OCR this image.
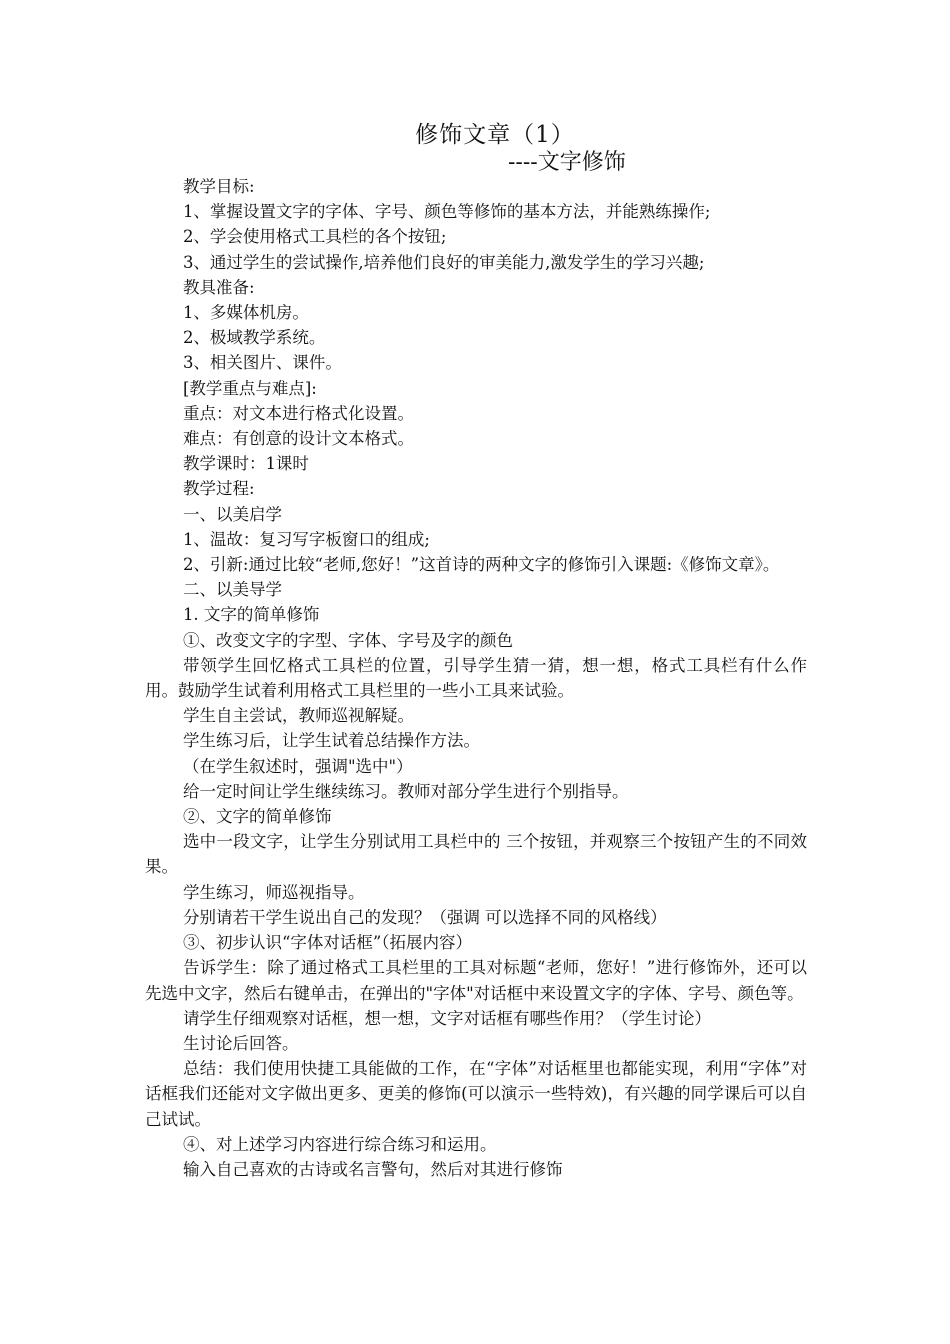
修饰文章（1）
----文字修饰

教学目标:

1、掌握设置文字的字体、字号、颜色等修饰的基本方法，并能熟练操作;

2、学会使用格式工具栏的各个按钮;

3、通过学生的尝试操作,培养他们良好的审美能力,激发学生的学习兴趣;

教具准备:

1、多媒体机房。

2、极域教学系统。

3、相关图片、课件。

[教学重点与难点]:

重点：对文本进行格式化设置。

难点：有创意的设计文本格式。

教学课时：1课时

教学过程:

一、以美启学

1、温故：复习写字板窗口的组成;

2、引新:通过比较“老师,您好！”这首诗的两种文字的修饰引入课题:《修饰文章》。

二、以美导学

1. 文字的简单修饰

①、改变文字的字型、字体、字号及字的颜色

带领学生回忆格式工具栏的位置，引导学生猜一猜，想一想，格式工具栏有什么作用。鼓励学生试着利用格式工具栏里的一些小工具来试验。

学生自主尝试，教师巡视解疑。

学生练习后，让学生试着总结操作方法。

（在学生叙述时，强调"选中"）

给一定时间让学生继续练习。教师对部分学生进行个别指导。

②、文字的简单修饰

选中一段文字，让学生分别试用工具栏中的 三个按钮，并观察三个按钮产生的不同效果。

学生练习，师巡视指导。

分别请若干学生说出自己的发现？（强调 可以选择不同的风格线）

③、初步认识“字体对话框”（拓展内容）

告诉学生：除了通过格式工具栏里的工具对标题“老师，您好！”进行修饰外，还可以先选中文字，然后右键单击，在弹出的"字体"对话框中来设置文字的字体、字号、颜色等。

请学生仔细观察对话框，想一想，文字对话框有哪些作用？（学生讨论）

生讨论后回答。

总结：我们使用快捷工具能做的工作，在“字体”对话框里也都能实现，利用“字体”对话框我们还能对文字做出更多、更美的修饰(可以演示一些特效)，有兴趣的同学课后可以自己试试。

④、对上述学习内容进行综合练习和运用。

输入自己喜欢的古诗或名言警句，然后对其进行修饰
